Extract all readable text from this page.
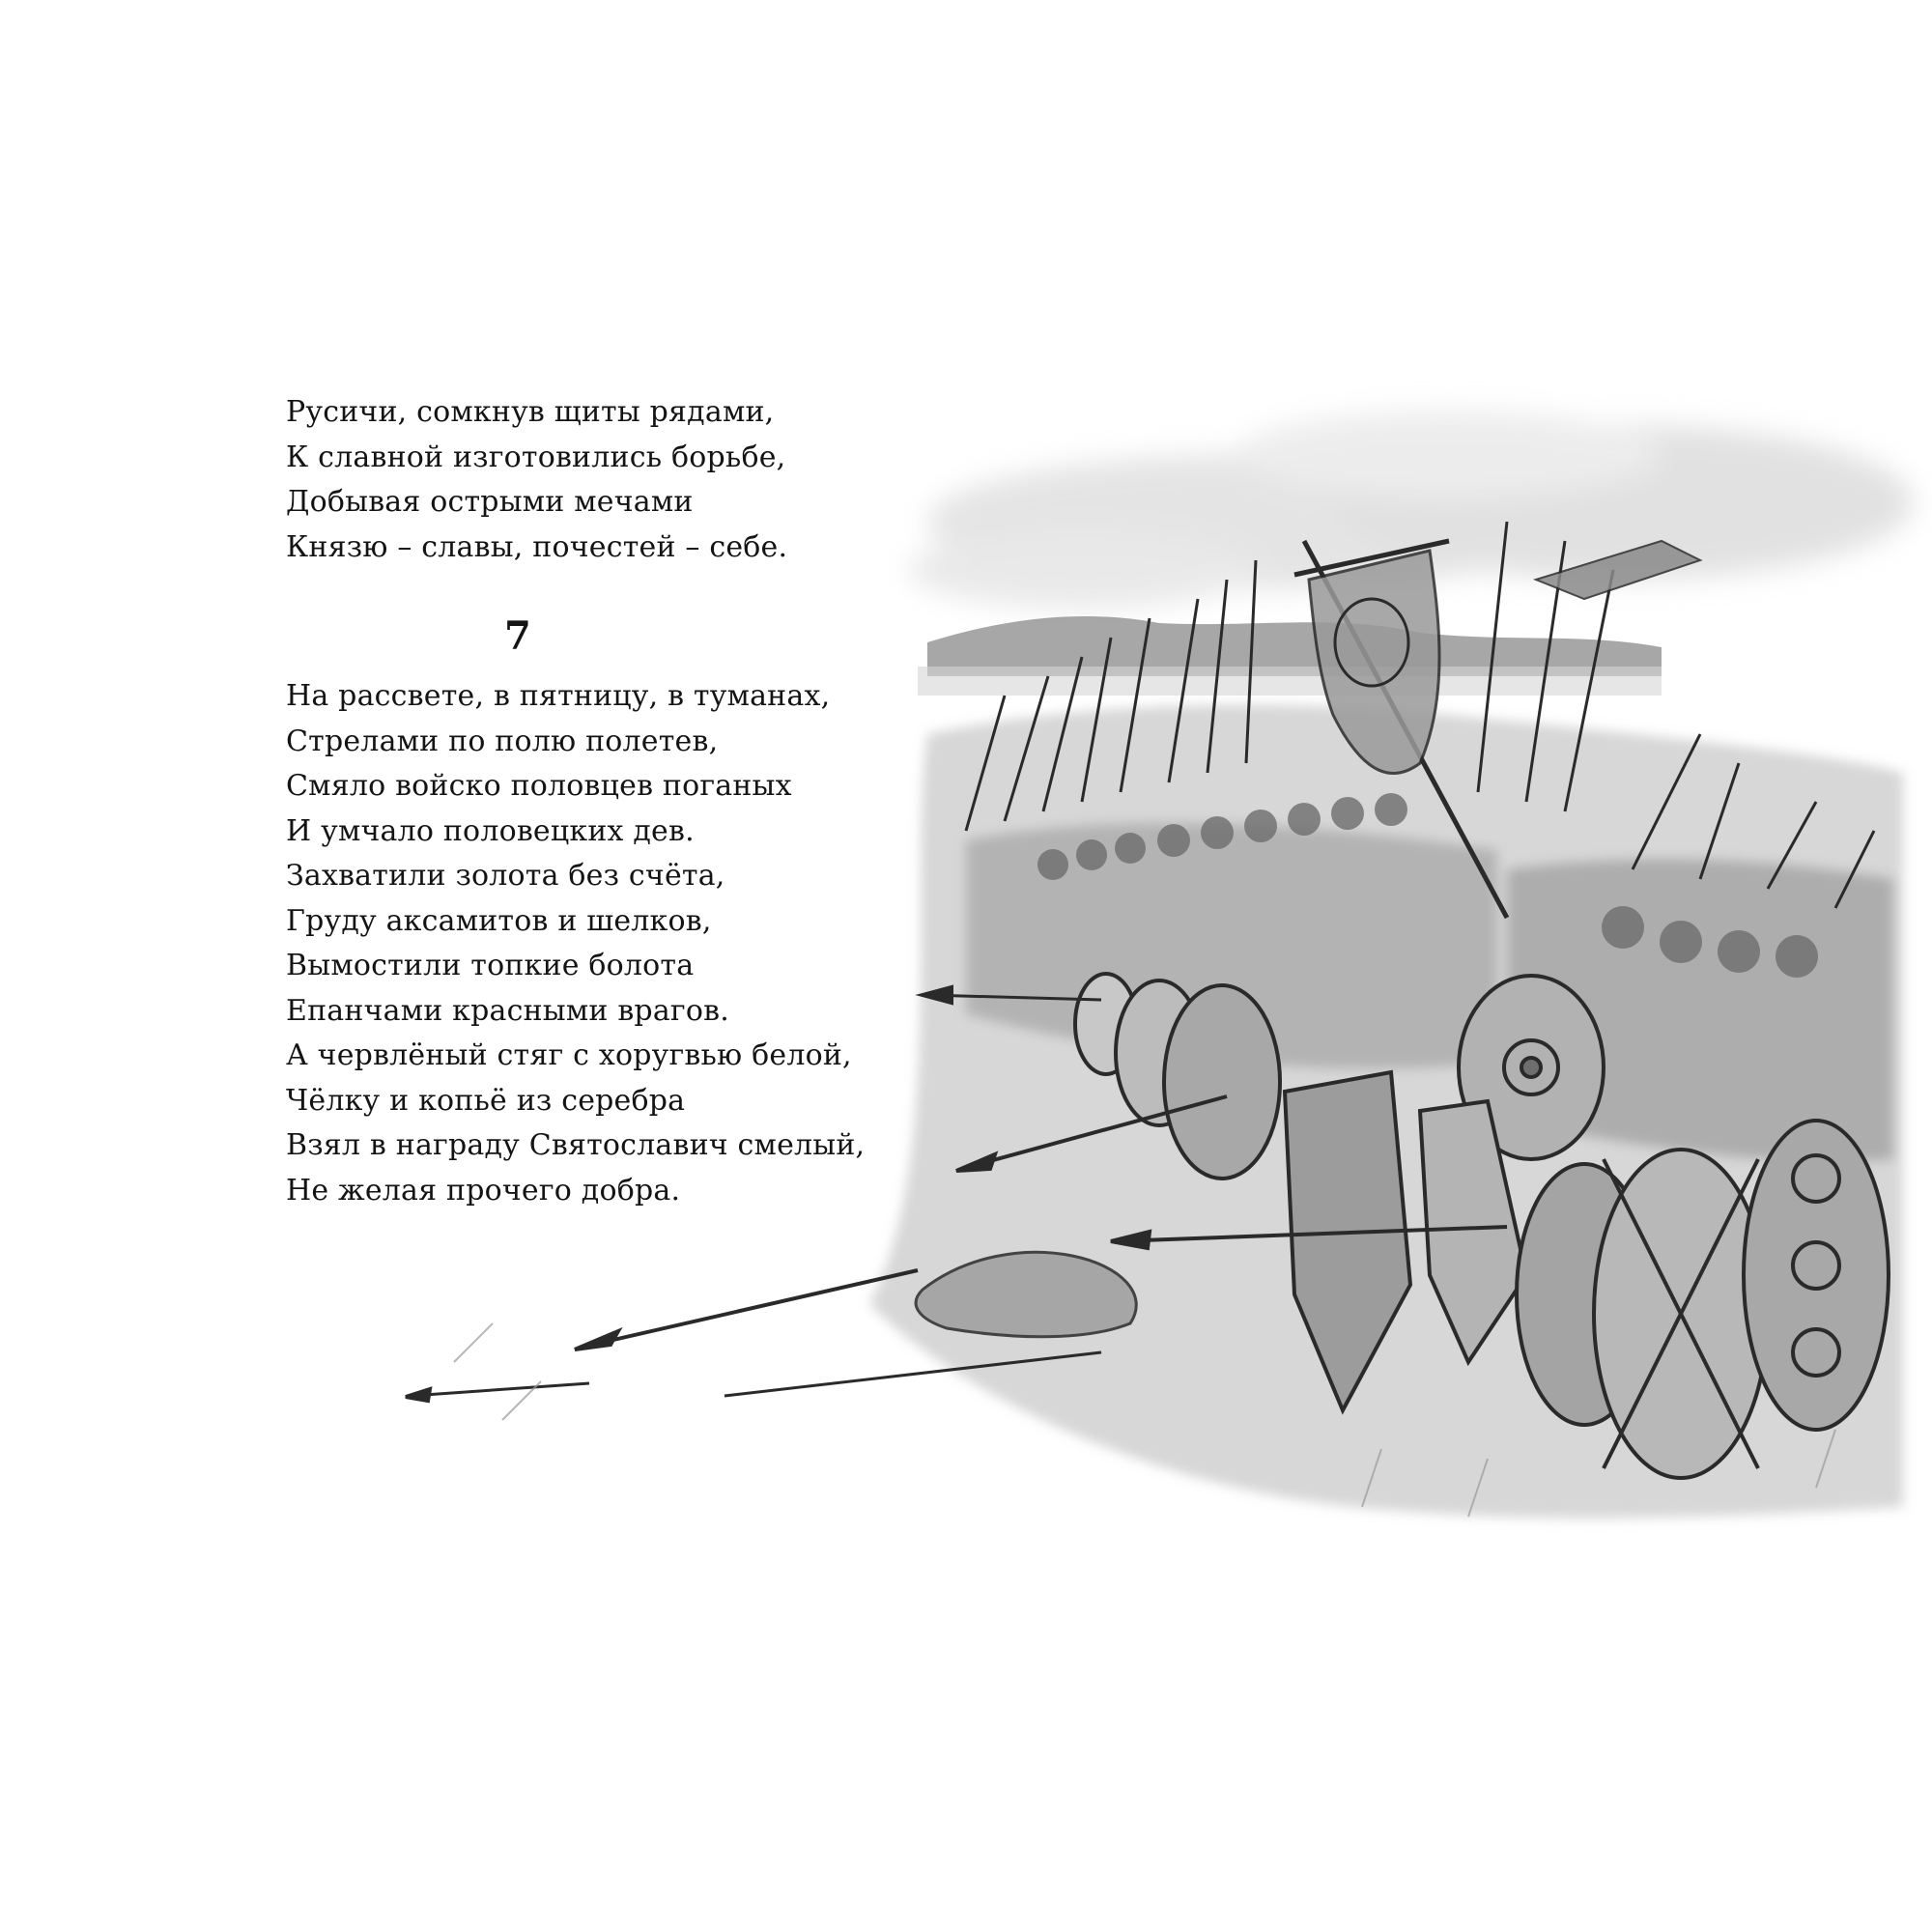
Русичи, сомкнув щиты рядами,
К славной изготовились борьбе,
Добывая острыми мечами
Князю – славы, почестей – себе.
7
На рассвете, в пятницу, в туманах,
Стрелами по полю полетев,
Смяло войско половцев поганых
И умчало половецких дев.
Захватили золота без счёта,
Груду аксамитов и шелков,
Вымостили топкие болота
Епанчами красными врагов.
А червлёный стяг с хоругвью белой,
Чёлку и копьё из серебра
Взял в награду Святославич смелый,
Не желая прочего добра.
